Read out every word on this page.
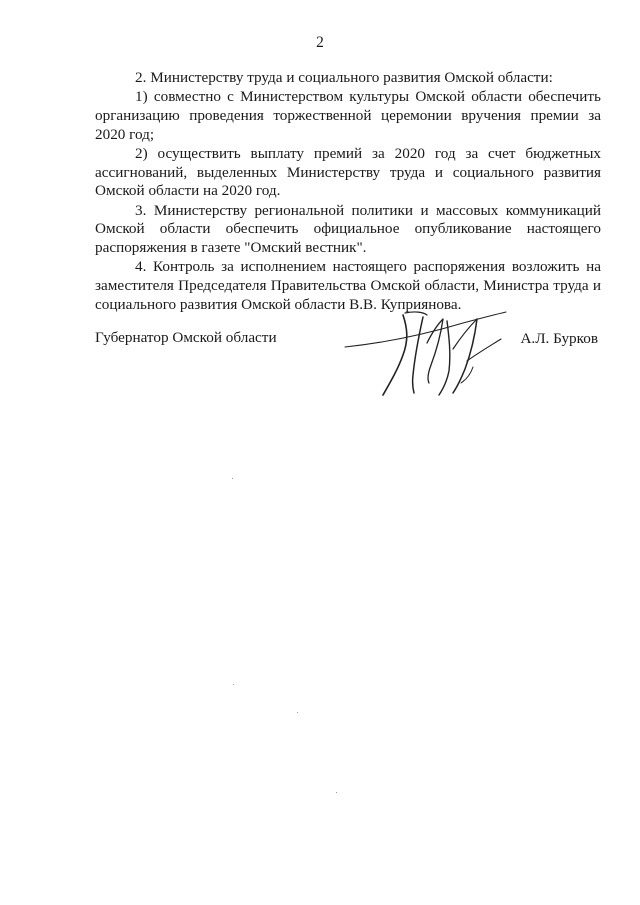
2

2. Министерству труда и социального развития Омской области:

1) совместно с Министерством культуры Омской области обеспечить организацию проведения торжественной церемонии вручения премии за 2020 год;

2) осуществить выплату премий за 2020 год за счет бюджетных ассигнований, выделенных Министерству труда и социального развития Омской области на 2020 год.

3. Министерству региональной политики и массовых коммуникаций Омской области обеспечить официальное опубликование настоящего распоряжения в газете "Омский вестник".

4. Контроль за исполнением настоящего распоряжения возложить на заместителя Председателя Правительства Омской области, Министра труда и социального развития Омской области В.В. Куприянова.

Губернатор Омской области	А.Л. Бурков
